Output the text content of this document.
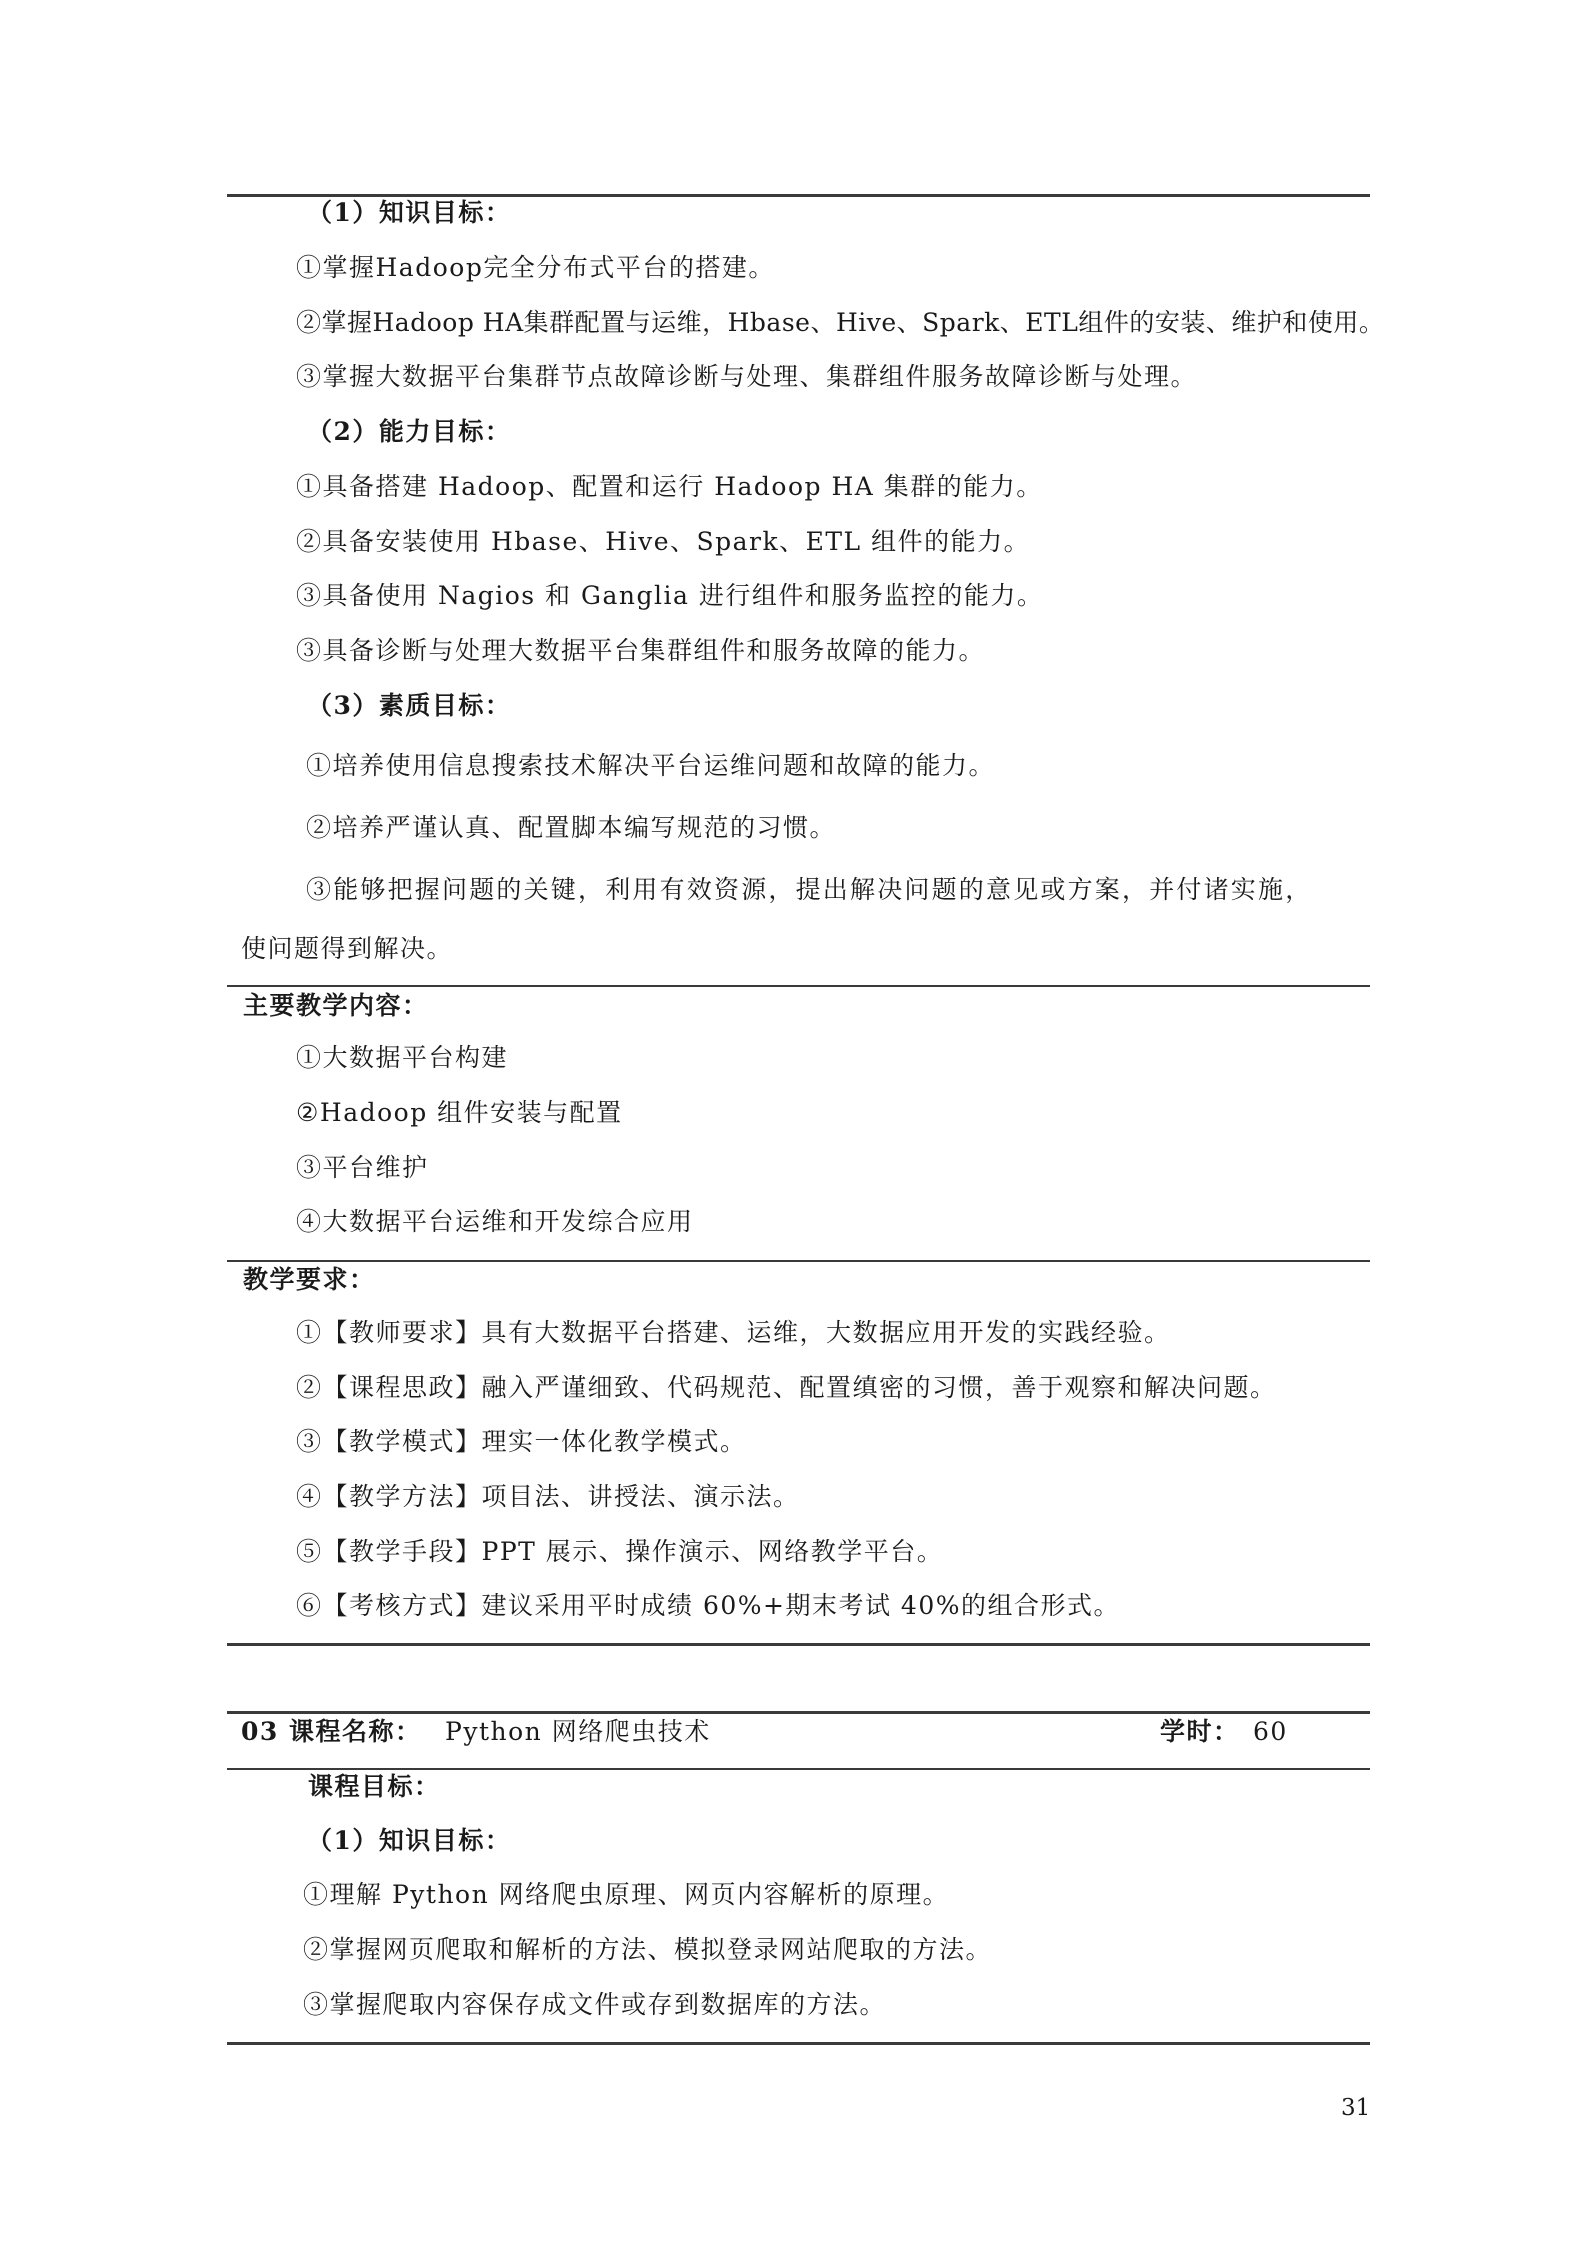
（1）知识目标：
①掌握Hadoop完全分布式平台的搭建。
②掌握Hadoop HA集群配置与运维，Hbase、Hive、Spark、ETL组件的安装、维护和使用。
③掌握大数据平台集群节点故障诊断与处理、集群组件服务故障诊断与处理。
（2）能力目标：
①具备搭建 Hadoop、配置和运行 Hadoop HA 集群的能力。
②具备安装使用 Hbase、Hive、Spark、ETL 组件的能力。
③具备使用 Nagios 和 Ganglia 进行组件和服务监控的能力。
③具备诊断与处理大数据平台集群组件和服务故障的能力。
（3）素质目标：
①培养使用信息搜索技术解决平台运维问题和故障的能力。
②培养严谨认真、配置脚本编写规范的习惯。
③能够把握问题的关键，利用有效资源，提出解决问题的意见或方案，并付诸实施，
使问题得到解决。
主要教学内容：
①大数据平台构建
②Hadoop 组件安装与配置
③平台维护
④大数据平台运维和开发综合应用
教学要求：
①【教师要求】具有大数据平台搭建、运维，大数据应用开发的实践经验。
②【课程思政】融入严谨细致、代码规范、配置缜密的习惯，善于观察和解决问题。
③【教学模式】理实一体化教学模式。
④【教学方法】项目法、讲授法、演示法。
⑤【教学手段】PPT 展示、操作演示、网络教学平台。
⑥【考核方式】建议采用平时成绩 60%+期末考试 40%的组合形式。
03 课程名称： Python 网络爬虫技术	学时： 60
课程目标：
（1）知识目标：
①理解 Python 网络爬虫原理、网页内容解析的原理。
②掌握网页爬取和解析的方法、模拟登录网站爬取的方法。
③掌握爬取内容保存成文件或存到数据库的方法。
31
